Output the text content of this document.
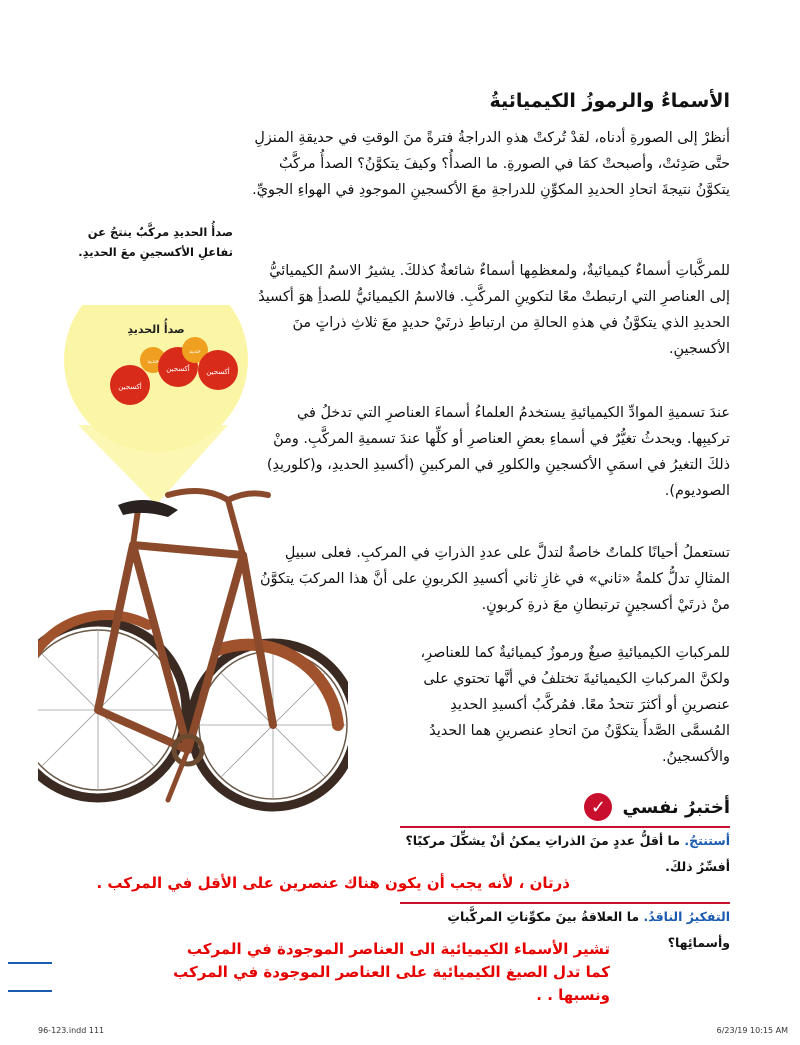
الأسماءُ والرموزُ الكيميائيةُ
أنظرْ إلى الصورةِ أدناه، لقدْ تُركتْ هذهِ الدراجةُ فترةً منَ الوقتِ في حديقةِ المنزلِ حتَّى صَدِئتْ، وأصبحتْ كمَا في الصورةِ. ما الصدأُ؟ وكيفَ يتكوَّنُ؟ الصدأُ مركَّبٌ يتكوَّنُ نتيجةَ اتحادِ الحديدِ المكوِّنِ للدراجةِ معَ الأكسجينِ الموجودِ في الهواءِ الجويِّ.
للمركَّباتِ أسماءٌ كيميائيةٌ، ولمعظمِها أسماءٌ شائعةٌ كذلكَ. يشيرُ الاسمُ الكيميائيُّ إلى العناصرِ التي ارتبطتْ معًا لتكوينِ المركَّبِ. فالاسمُ الكيميائيُّ للصدأِ هوَ أكسيدُ الحديدِ الذي يتكوَّنُ في هذهِ الحالةِ من ارتباطِ ذرتَيْ حديدٍ معَ ثلاثِ ذراتٍ منَ الأكسجينِ.
عندَ تسميةِ الموادِّ الكيميائيةِ يستخدمُ العلماءُ أسماءَ العناصرِ التي تدخلُ في تركيبِها. ويحدثُ تغيُّرٌ في أسماءِ بعضِ العناصرِ أو كلِّها عندَ تسميةِ المركَّبِ. ومنْ ذلكَ التغيرُ في اسمَيِ الأكسجينِ والكلورِ في المركبينِ (أكسيدِ الحديدِ، و(كلوريدِ) الصوديوم).
تستعملُ أحيانًا كلماتٌ خاصةٌ لتدلَّ على عددِ الذراتِ في المركبِ. فعلى سبيلِ المثالِ تدلُّ كلمةُ «ثاني» في غازِ ثاني أكسيدِ الكربونِ على أنَّ هذا المركبَ يتكوَّنُ منْ ذرتَيْ أكسجينٍ ترتبطانِ معَ ذرةِ كربونٍ.
للمركباتِ الكيميائيةِ صيغٌ ورموزٌ كيميائيةٌ كما للعناصرِ، ولكنَّ المركباتِ الكيميائيةَ تختلفُ في أنَّها تحتوي على عنصرينِ أو أكثرَ تتحدُ معًا. فمُركَّبُ أكسيدِ الحديدِ المُسمَّى الصَّدأَ يتكوَّنُ منَ اتحادِ عنصرينِ هما الحديدُ والأكسجينُ.
صدأُ الحديدِ مركَّبٌ ينتجُ عن تفاعلِ الأكسجينِ معَ الحديدِ.
صدأُ الحديدِ
أكسجين
حديد
أكسجين
حديد
أكسجين
أختبرُ نفسي
✓
أستنتجُ. ما أقلُّ عددٍ منَ الذراتِ يمكنُ أنْ يشكِّلَ مركبًا؟ أفسِّرُ ذلكَ.
التفكيرُ الناقدُ. ما العلاقةُ بينَ مكوِّناتِ المركَّباتِ وأسمائِها؟
ذرتان ، لأنه يجب أن يكون هناك عنصرين على الأقل في المركب .
تشير الأسماء الكيميائية الى العناصر الموجودة في المركب كما تدل الصيغ الكيميائية على العناصر الموجودة في المركب ونسبها . .
96-123.indd 111	6/23/19 10:15 AM
